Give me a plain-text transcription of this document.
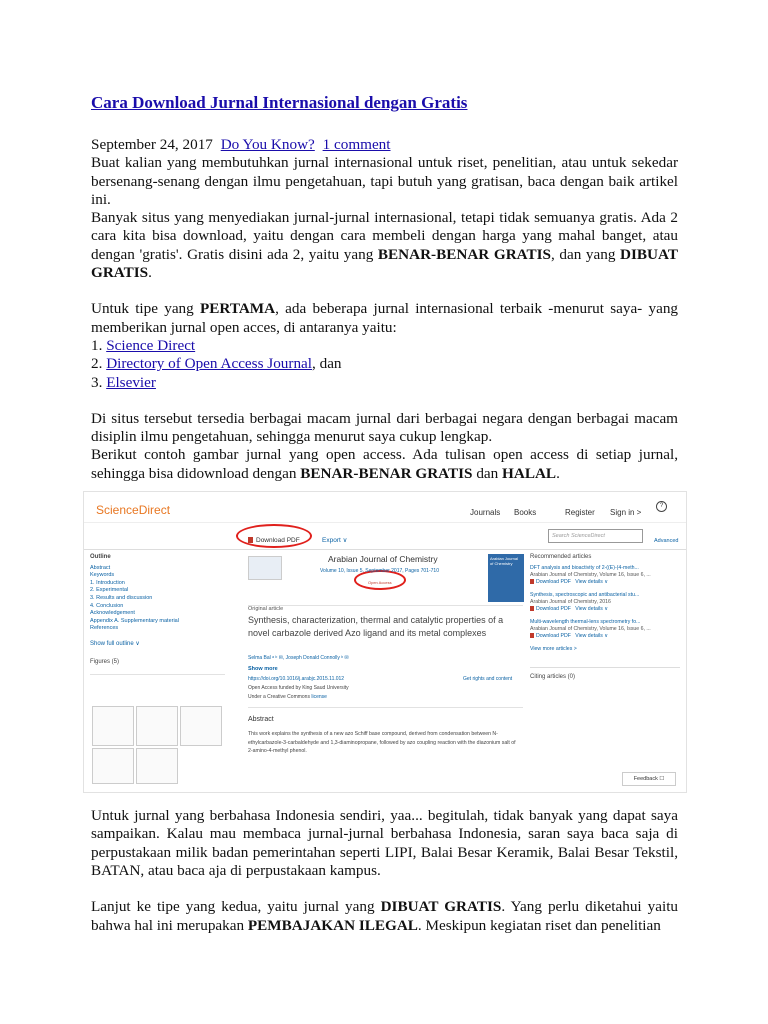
Cara Download Jurnal Internasional dengan Gratis

September 24, 2017 Do You Know? 1 comment

Buat kalian yang membutuhkan jurnal internasional untuk riset, penelitian, atau untuk sekedar bersenang-senang dengan ilmu pengetahuan, tapi butuh yang gratisan, baca dengan baik artikel ini.

Banyak situs yang menyediakan jurnal-jurnal internasional, tetapi tidak semuanya gratis. Ada 2 cara kita bisa download, yaitu dengan cara membeli dengan harga yang mahal banget, atau dengan 'gratis'. Gratis disini ada 2, yaitu yang BENAR-BENAR GRATIS, dan yang DIBUAT GRATIS.

Untuk tipe yang PERTAMA, ada beberapa jurnal internasional terbaik -menurut saya- yang memberikan jurnal open acces, di antaranya yaitu:

1. Science Direct

2. Directory of Open Access Journal, dan

3. Elsevier

Di situs tersebut tersedia berbagai macam jurnal dari berbagai negara dengan berbagai macam disiplin ilmu pengetahuan, sehingga menurut saya cukup lengkap.

Berikut contoh gambar jurnal yang open access. Ada tulisan open access di setiap jurnal, sehingga bisa didownload dengan BENAR-BENAR GRATIS dan HALAL.

ScienceDirect	Journals Books	Register Sign in >
?
Download PDF	Export ∨
Search ScienceDirect
Advanced
Outline
Abstract
Keywords
1. Introduction
2. Experimental
3. Results and discussion
4. Conclusion
Acknowledgement
Appendix A. Supplementary material
References
Show full outline ∨
Figures (5)
Arabian Journal of Chemistry
Volume 10, Issue 5, September 2017, Pages 701-710
Open Access
Original article
Synthesis, characterization, thermal and catalytic properties of a novel carbazole derived Azo ligand and its metal complexes
Selma Bal ᵃ ᵇ ✉, Joseph Donald Connolly ᵇ ✉
Show more
https://doi.org/10.1016/j.arabjc.2015.11.012	Get rights and content
Open Access funded by King Saud University
Under a Creative Commons license
Abstract
This work explains the synthesis of a new azo Schiff base compound, derived from condensation between N-ethylcarbazole-3-carbaldehyde and 1,3-diaminopropane, followed by azo coupling reaction with the diazonium salt of 2-amino-4-methyl phenol.
Arabian Journal of Chemistry
Recommended articles
DFT analysis and bioactivity of 2-((E)-(4-meth...
Arabian Journal of Chemistry, Volume 16, Issue 6, ...
Download PDF View details ∨
Synthesis, spectroscopic and antibacterial stu...
Arabian Journal of Chemistry, 2016
Download PDF View details ∨
Multi-wavelength thermal-lens spectrometry fo...
Arabian Journal of Chemistry, Volume 16, Issue 6, ...
Download PDF View details ∨
View more articles >
Citing articles (0)
Feedback ☐

Untuk jurnal yang berbahasa Indonesia sendiri, yaa... begitulah, tidak banyak yang dapat saya sampaikan. Kalau mau membaca jurnal-jurnal berbahasa Indonesia, saran saya baca saja di perpustakaan milik badan pemerintahan seperti LIPI, Balai Besar Keramik, Balai Besar Tekstil, BATAN, atau baca aja di perpustakaan kampus.

Lanjut ke tipe yang kedua, yaitu jurnal yang DIBUAT GRATIS. Yang perlu diketahui yaitu bahwa hal ini merupakan PEMBAJAKAN ILEGAL. Meskipun kegiatan riset dan penelitian
